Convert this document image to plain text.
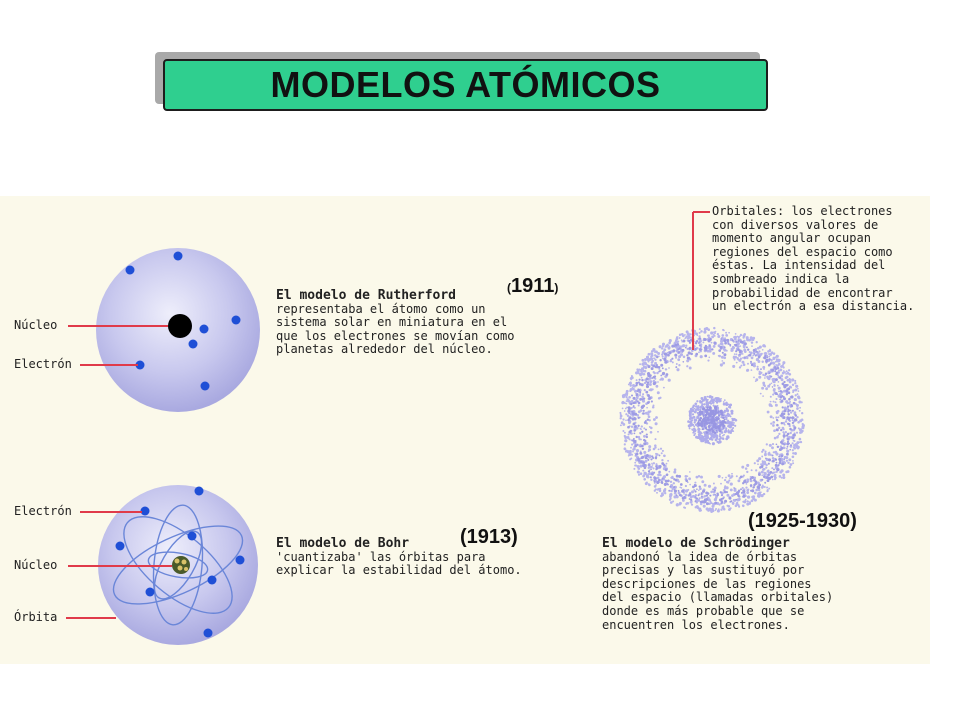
MODELOS ATÓMICOS
Núcleo
Electrón
El modelo de Rutherford
representaba el átomo como un
sistema solar en miniatura en el
que los electrones se movían como
planetas alrededor del núcleo.
(1911)
Electrón
Núcleo
Órbita
El modelo de Bohr
'cuantizaba' las órbitas para
explicar la estabilidad del átomo.
(1913)
Orbitales: los electrones
con diversos valores de
momento angular ocupan
regiones del espacio como
éstas. La intensidad del
sombreado indica la
probabilidad de encontrar
un electrón a esa distancia.
(1925-1930)
El modelo de Schrödinger
abandonó la idea de órbitas
precisas y las sustituyó por
descripciones de las regiones
del espacio (llamadas orbitales)
donde es más probable que se
encuentren los electrones.
